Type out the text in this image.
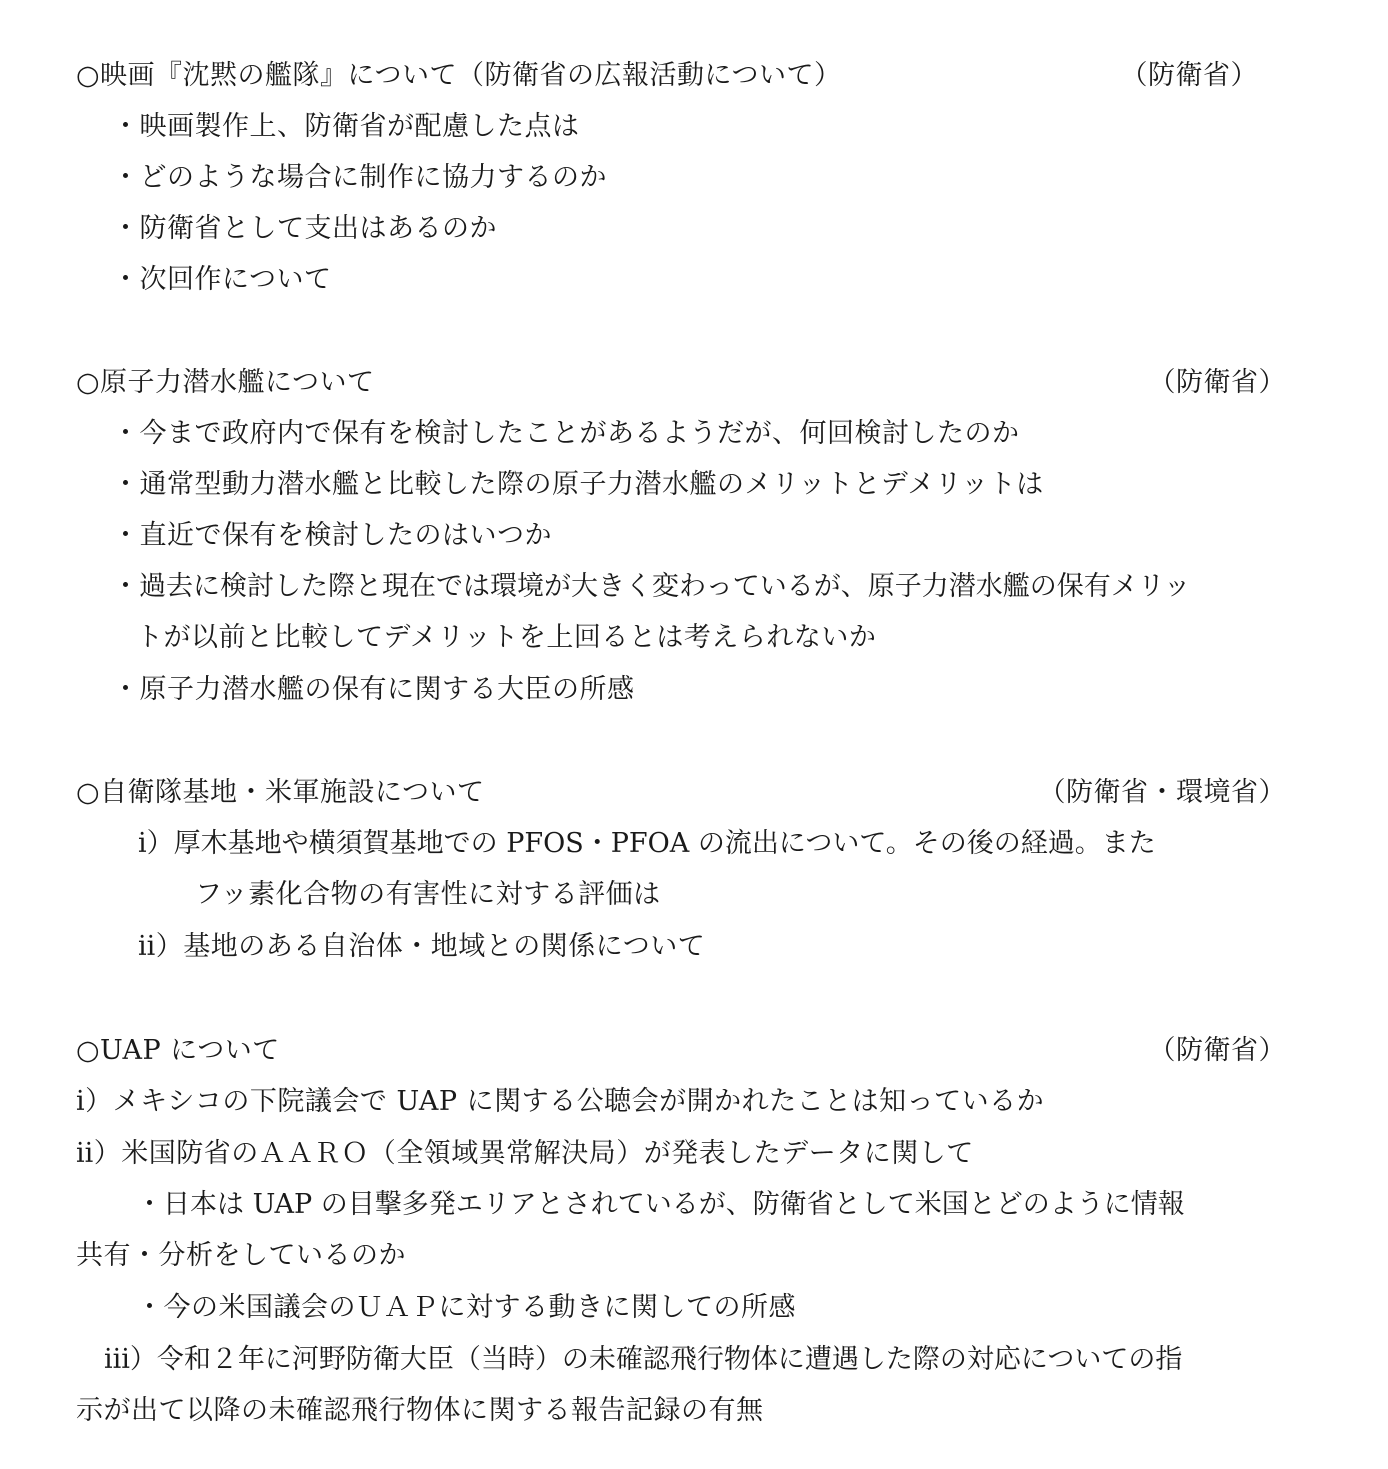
○映画『沈黙の艦隊』について（防衛省の広報活動について）	（防衛省）
・映画製作上、防衛省が配慮した点は
・どのような場合に制作に協力するのか
・防衛省として支出はあるのか
・次回作について
○原子力潜水艦について	（防衛省）
・今まで政府内で保有を検討したことがあるようだが、何回検討したのか
・通常型動力潜水艦と比較した際の原子力潜水艦のメリットとデメリットは
・直近で保有を検討したのはいつか
・過去に検討した際と現在では環境が大きく変わっているが、原子力潜水艦の保有メリッ
トが以前と比較してデメリットを上回るとは考えられないか
・原子力潜水艦の保有に関する大臣の所感
○自衛隊基地・米軍施設について	（防衛省・環境省）
ⅰ）厚木基地や横須賀基地での PFOS・PFOA の流出について。その後の経過。また
フッ素化合物の有害性に対する評価は
ⅱ）基地のある自治体・地域との関係について
○UAP について	（防衛省）
ⅰ）メキシコの下院議会で UAP に関する公聴会が開かれたことは知っているか
ⅱ）米国防省のＡＡＲＯ（全領域異常解決局）が発表したデータに関して
・日本は UAP の目撃多発エリアとされているが、防衛省として米国とどのように情報
共有・分析をしているのか
・今の米国議会のＵＡＰに対する動きに関しての所感
ⅲ）令和２年に河野防衛大臣（当時）の未確認飛行物体に遭遇した際の対応についての指
示が出て以降の未確認飛行物体に関する報告記録の有無
